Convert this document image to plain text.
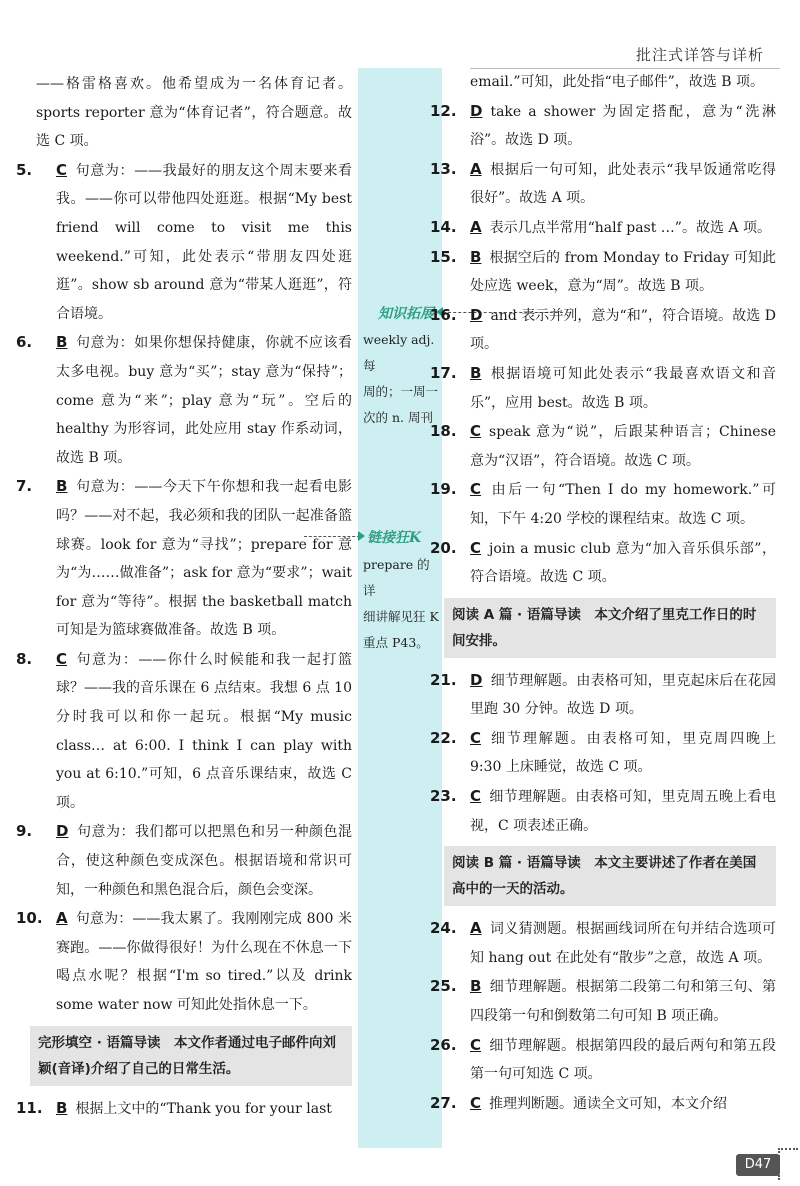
批注式详答与详析
——格雷格喜欢。他希望成为一名体育记者。sports reporter 意为“体育记者”，符合题意。故选 C 项。
5. C 句意为：——我最好的朋友这个周末要来看我。——你可以带他四处逛逛。根据“My best friend will come to visit me this weekend.”可知，此处表示“带朋友四处逛逛”。show sb around 意为“带某人逛逛”，符合语境。
6. B 句意为：如果你想保持健康，你就不应该看太多电视。buy 意为“买”；stay 意为“保持”；come 意为“来”；play 意为“玩”。空后的 healthy 为形容词，此处应用 stay 作系动词，故选 B 项。
7. B 句意为：——今天下午你想和我一起看电影吗？——对不起，我必须和我的团队一起准备篮球赛。look for 意为“寻找”；prepare for 意为“为……做准备”；ask for 意为“要求”；wait for 意为“等待”。根据 the basketball match 可知是为篮球赛做准备。故选 B 项。
8. C 句意为：——你什么时候能和我一起打篮球？——我的音乐课在 6 点结束。我想 6 点 10 分时我可以和你一起玩。根据“My music class… at 6:00. I think I can play with you at 6:10.”可知，6 点音乐课结束，故选 C 项。
9. D 句意为：我们都可以把黑色和另一种颜色混合，使这种颜色变成深色。根据语境和常识可知，一种颜色和黑色混合后，颜色会变深。
10. A 句意为：——我太累了。我刚刚完成 800 米赛跑。——你做得很好！为什么现在不休息一下喝点水呢？根据“I'm so tired.”以及 drink some water now 可知此处指休息一下。
完形填空 · 语篇导读　本文作者通过电子邮件向刘颖(音译)介绍了自己的日常生活。
11. B 根据上文中的“Thank you for your last
知识拓展
weekly adj. 每
周的；一周一
次的 n. 周刊
链接狂K
prepare 的详
细讲解见狂 K
重点 P43。
email.”可知，此处指“电子邮件”，故选 B 项。
12. D take a shower 为固定搭配，意为“洗淋浴”。故选 D 项。
13. A 根据后一句可知，此处表示“我早饭通常吃得很好”。故选 A 项。
14. A 表示几点半常用“half past …”。故选 A 项。
15. B 根据空后的 from Monday to Friday 可知此处应选 week，意为“周”。故选 B 项。
16. D and 表示并列，意为“和”，符合语境。故选 D 项。
17. B 根据语境可知此处表示“我最喜欢语文和音乐”，应用 best。故选 B 项。
18. C speak 意为“说”，后跟某种语言；Chinese 意为“汉语”，符合语境。故选 C 项。
19. C 由后一句“Then I do my homework.”可知，下午 4:20 学校的课程结束。故选 C 项。
20. C join a music club 意为“加入音乐俱乐部”，符合语境。故选 C 项。
阅读 A 篇 · 语篇导读　本文介绍了里克工作日的时间安排。
21. D 细节理解题。由表格可知，里克起床后在花园里跑 30 分钟。故选 D 项。
22. C 细节理解题。由表格可知，里克周四晚上 9:30 上床睡觉，故选 C 项。
23. C 细节理解题。由表格可知，里克周五晚上看电视，C 项表述正确。
阅读 B 篇 · 语篇导读　本文主要讲述了作者在美国高中的一天的活动。
24. A 词义猜测题。根据画线词所在句并结合选项可知 hang out 在此处有“散步”之意，故选 A 项。
25. B 细节理解题。根据第二段第二句和第三句、第四段第一句和倒数第二句可知 B 项正确。
26. C 细节理解题。根据第四段的最后两句和第五段第一句可知选 C 项。
27. C 推理判断题。通读全文可知，本文介绍
D47
